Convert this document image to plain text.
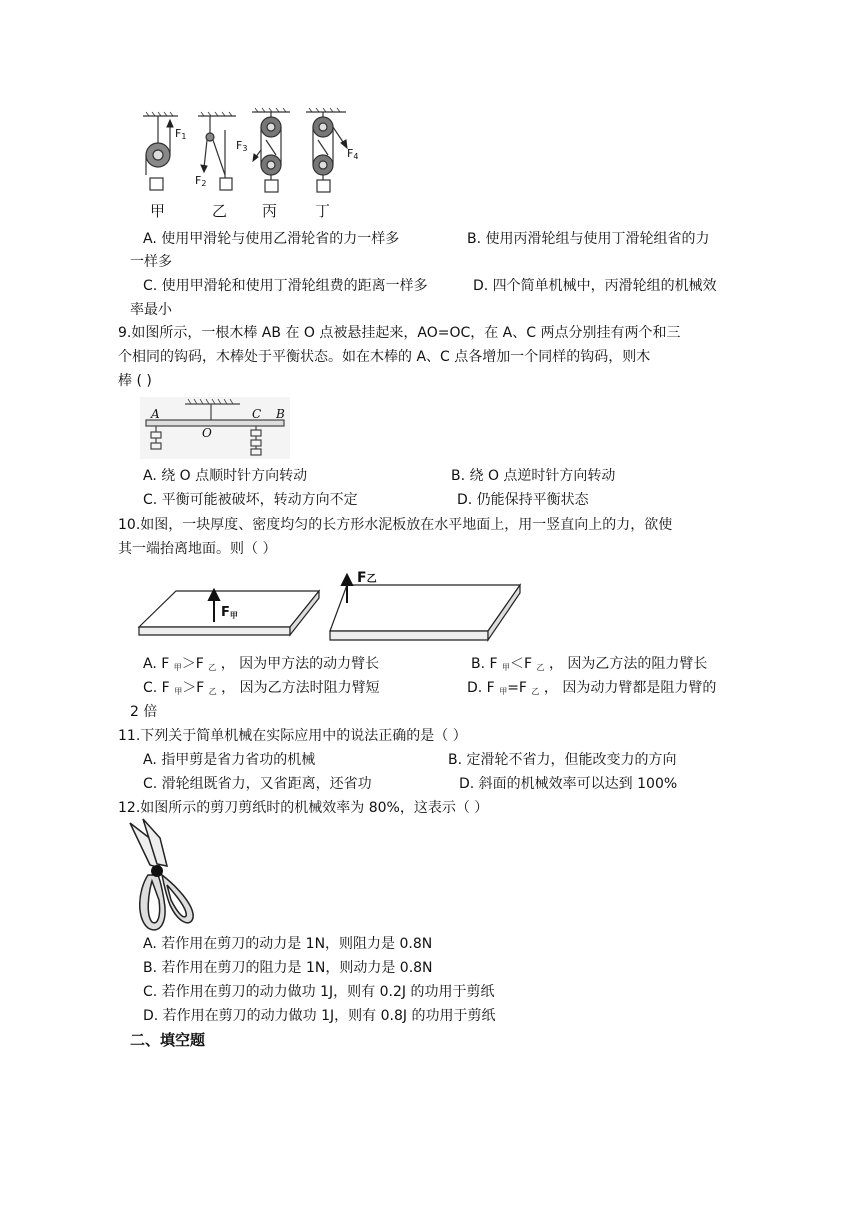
$F_1$
$F_2$
$F_3$	$F_4$
甲	乙 丙	丁
A. 使用甲滑轮与使用乙滑轮省的力一样多	B. 使用丙滑轮组与使用丁滑轮组省的力
一样多
C. 使用甲滑轮和使用丁滑轮组费的距离一样多	D. 四个简单机械中，丙滑轮组的机械效
率最小
9.如图所示，一根木棒 AB 在 O 点被悬挂起来，AO=OC，在 A、C 两点分别挂有两个和三
个相同的钩码，木棒处于平衡状态。如在木棒的 A、C 点各增加一个同样的钩码，则木
棒 ( )
A
O
C B
A. 绕 O 点顺时针方向转动	B. 绕 O 点逆时针方向转动
C. 平衡可能被破坏，转动方向不定	D. 仍能保持平衡状态
10.如图，一块厚度、密度均匀的长方形水泥板放在水平地面上，用一竖直向上的力，欲使
其一端抬离地面。则（ ）
$F_甲$
F乙
A. F $_甲$＞F $_乙$ ， 因为甲方法的动力臂长	B. F $_甲$＜F $_乙$ ， 因为乙方法的阻力臂长
C. F $_甲$＞F $_乙$ ， 因为乙方法时阻力臂短	D. F $_甲$=F $_乙$ ， 因为动力臂都是阻力臂的
2 倍
11.下列关于简单机械在实际应用中的说法正确的是（ ）
A. 指甲剪是省力省功的机械	B. 定滑轮不省力，但能改变力的方向
C. 滑轮组既省力，又省距离，还省功	D. 斜面的机械效率可以达到 100%
12.如图所示的剪刀剪纸时的机械效率为 80%，这表示（ ）
A. 若作用在剪刀的动力是 1N，则阻力是 0.8N
B. 若作用在剪刀的阻力是 1N，则动力是 0.8N
C. 若作用在剪刀的动力做功 1J，则有 0.2J 的功用于剪纸
D. 若作用在剪刀的动力做功 1J，则有 0.8J 的功用于剪纸
二、填空题
